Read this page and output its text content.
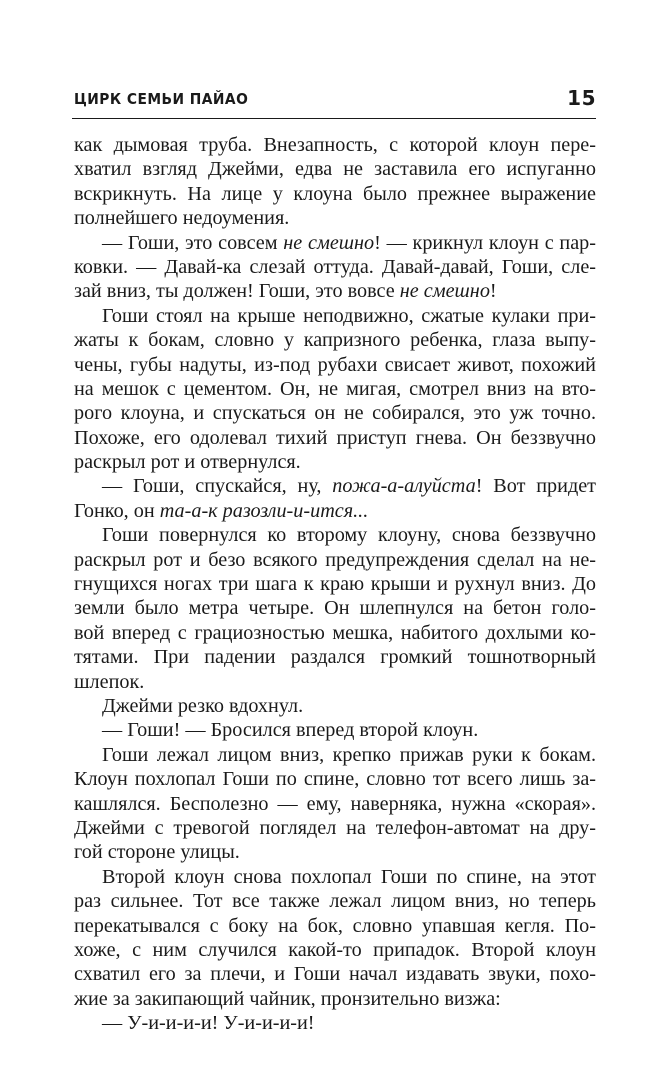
ЦИРК СЕМЬИ ПАЙАО	15
как дымовая труба. Внезапность, с которой клоун пере-
хватил взгляд Джейми, едва не заставила его испуганно
вскрикнуть. На лице у клоуна было прежнее выражение
полнейшего недоумения.
— Гоши, это совсем не смешно! — крикнул клоун с пар-
ковки. — Давай-ка слезай оттуда. Давай-давай, Гоши, сле-
зай вниз, ты должен! Гоши, это вовсе не смешно!
Гоши стоял на крыше неподвижно, сжатые кулаки при-
жаты к бокам, словно у капризного ребенка, глаза выпу-
чены, губы надуты, из-под рубахи свисает живот, похожий
на мешок с цементом. Он, не мигая, смотрел вниз на вто-
рого клоуна, и спускаться он не собирался, это уж точно.
Похоже, его одолевал тихий приступ гнева. Он беззвучно
раскрыл рот и отвернулся.
— Гоши, спускайся, ну, пожа-а-алуйста! Вот придет
Гонко, он та-а-к разозли-и-ится...
Гоши повернулся ко второму клоуну, снова беззвучно
раскрыл рот и безо всякого предупреждения сделал на не-
гнущихся ногах три шага к краю крыши и рухнул вниз. До
земли было метра четыре. Он шлепнулся на бетон голо-
вой вперед с грациозностью мешка, набитого дохлыми ко-
тятами. При падении раздался громкий тошнотворный
шлепок.
Джейми резко вдохнул.
— Гоши! — Бросился вперед второй клоун.
Гоши лежал лицом вниз, крепко прижав руки к бокам.
Клоун похлопал Гоши по спине, словно тот всего лишь за-
кашлялся. Бесполезно — ему, наверняка, нужна «скорая».
Джейми с тревогой поглядел на телефон-автомат на дру-
гой стороне улицы.
Второй клоун снова похлопал Гоши по спине, на этот
раз сильнее. Тот все также лежал лицом вниз, но теперь
перекатывался с боку на бок, словно упавшая кегля. По-
хоже, с ним случился какой-то припадок. Второй клоун
схватил его за плечи, и Гоши начал издавать звуки, похо-
жие за закипающий чайник, пронзительно визжа:
— У-и-и-и-и! У-и-и-и-и!
